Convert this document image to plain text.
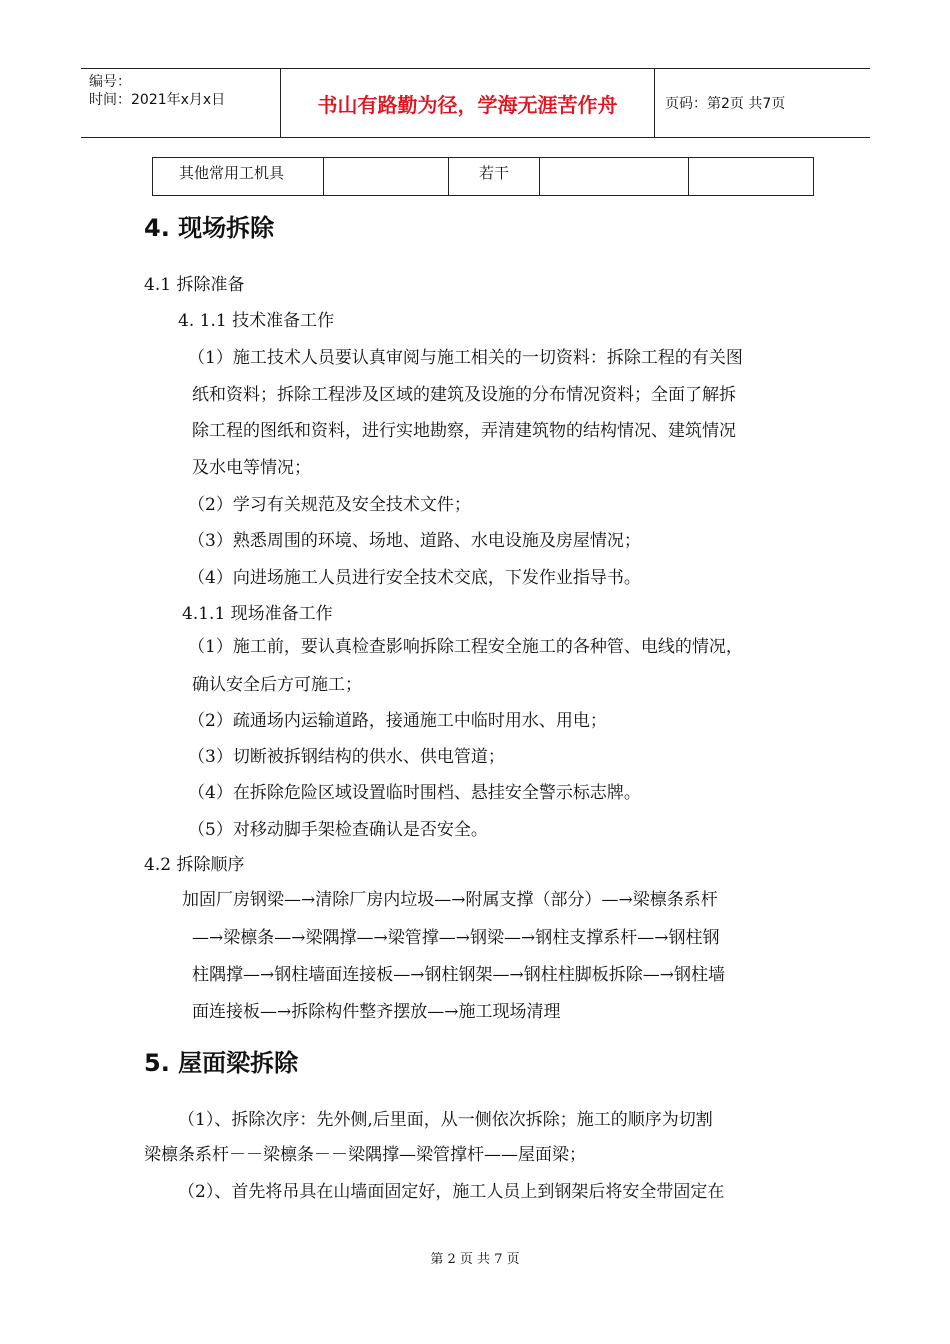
编号：
时间：2021年x月x日	书山有路勤为径，学海无涯苦作舟	页码：第2页 共7页
其他常用工机具		若干		
4. 现场拆除
4.1 拆除准备
4. 1.1 技术准备工作
（1）施工技术人员要认真审阅与施工相关的一切资料：拆除工程的有关图
纸和资料；拆除工程涉及区域的建筑及设施的分布情况资料；全面了解拆
除工程的图纸和资料，进行实地勘察，弄清建筑物的结构情况、建筑情况
及水电等情况；
（2）学习有关规范及安全技术文件；
（3）熟悉周围的环境、场地、道路、水电设施及房屋情况；
（4）向进场施工人员进行安全技术交底，下发作业指导书。
4.1.1 现场准备工作
（1）施工前，要认真检查影响拆除工程安全施工的各种管、电线的情况，
确认安全后方可施工；
（2）疏通场内运输道路，接通施工中临时用水、用电；
（3）切断被拆钢结构的供水、供电管道；
（4）在拆除危险区域设置临时围档、悬挂安全警示标志牌。
（5）对移动脚手架检查确认是否安全。
4.2 拆除顺序
加固厂房钢梁—→清除厂房内垃圾—→附属支撑（部分）—→梁檩条系杆
—→梁檩条—→梁隅撑—→梁管撑—→钢梁—→钢柱支撑系杆—→钢柱钢
柱隅撑—→钢柱墙面连接板—→钢柱钢架—→钢柱柱脚板拆除—→钢柱墙
面连接板—→拆除构件整齐摆放—→施工现场清理
5. 屋面梁拆除
（1）、拆除次序：先外侧,后里面，从一侧依次拆除；施工的顺序为切割
梁檩条系杆－－梁檩条－－梁隅撑—梁管撑杆——屋面梁；
（2）、首先将吊具在山墙面固定好，施工人员上到钢架后将安全带固定在
第 2 页 共 7 页
